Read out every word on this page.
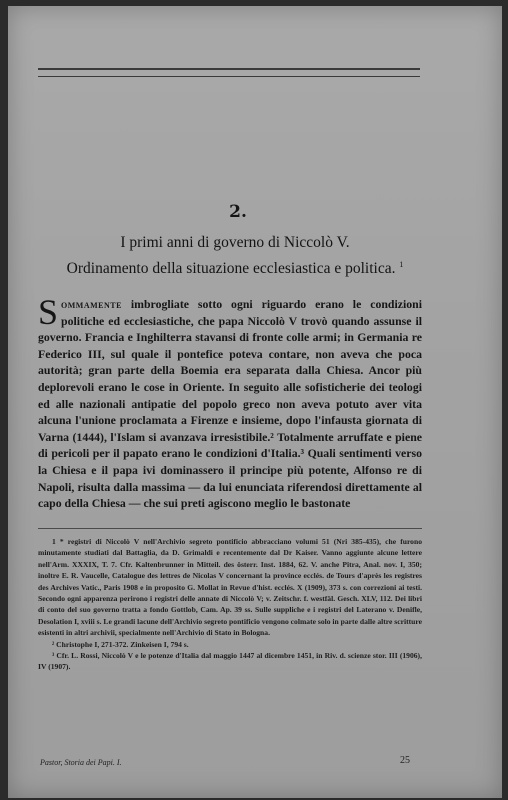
2.
I primi anni di governo di Niccolò V.
Ordinamento della situazione ecclesiastica e politica. $^1$

Sommamente imbrogliate sotto ogni riguardo erano le condizioni politiche ed ecclesiastiche, che papa Niccolò V trovò quando assunse il governo. Francia e Inghilterra stavansi di fronte colle armi; in Germania re Federico III, sul quale il pontefice poteva contare, non aveva che poca autorità; gran parte della Boemia era separata dalla Chiesa. Ancor più deplorevoli erano le cose in Oriente. In seguito alle sofisticherie dei teologi ed alle nazionali antipatie del popolo greco non aveva potuto aver vita alcuna l'unione proclamata a Firenze e insieme, dopo l'infausta giornata di Varna (1444), l'Islam si avanzava irresistibile.² Totalmente arruffate e piene di pericoli per il papato erano le condizioni d'Italia.³ Quali sentimenti verso la Chiesa e il papa ivi dominassero il principe più potente, Alfonso re di Napoli, risulta dalla massima — da lui enunciata riferendosi direttamente al capo della Chiesa — che sui preti agiscono meglio le bastonate

1 * registri di Niccolò V nell'Archivio segreto pontificio abbracciano volumi 51 (Nri 385-435), che furono minutamente studiati dal Battaglia, da D. Grimaldi e recentemente dal Dr Kaiser. Vanno aggiunte alcune lettere nell'Arm. XXXIX, T. 7. Cfr. Kaltenbrunner in Mitteil. des österr. Inst. 1884, 62. V. anche Pitra, Anal. nov. I, 350; inoltre E. R. Vaucelle, Catalogue des lettres de Nicolas V concernant la province ecclés. de Tours d'après les registres des Archives Vatic., Paris 1908 e in proposito G. Mollat in Revue d'hist. ecclés. X (1909), 373 s. con correzioni ai testi. Secondo ogni apparenza perirono i registri delle annate di Niccolò V; v. Zeitschr. f. westfäl. Gesch. XLV, 112. Dei libri di conto del suo governo tratta a fondo Gottlob, Cam. Ap. 39 ss. Sulle suppliche e i registri del Laterano v. Denifle, Desolation I, xviii s. Le grandi lacune dell'Archivio segreto pontificio vengono colmate solo in parte dalle altre scritture esistenti in altri archivii, specialmente nell'Archivio di Stato in Bologna.

² Christophe I, 271-372. Zinkeisen I, 794 s.

³ Cfr. L. Rossi, Niccolò V e le potenze d'Italia dal maggio 1447 al dicembre 1451, in Riv. d. scienze stor. III (1906), IV (1907).

Pastor, Storia dei Papi. I.	25
